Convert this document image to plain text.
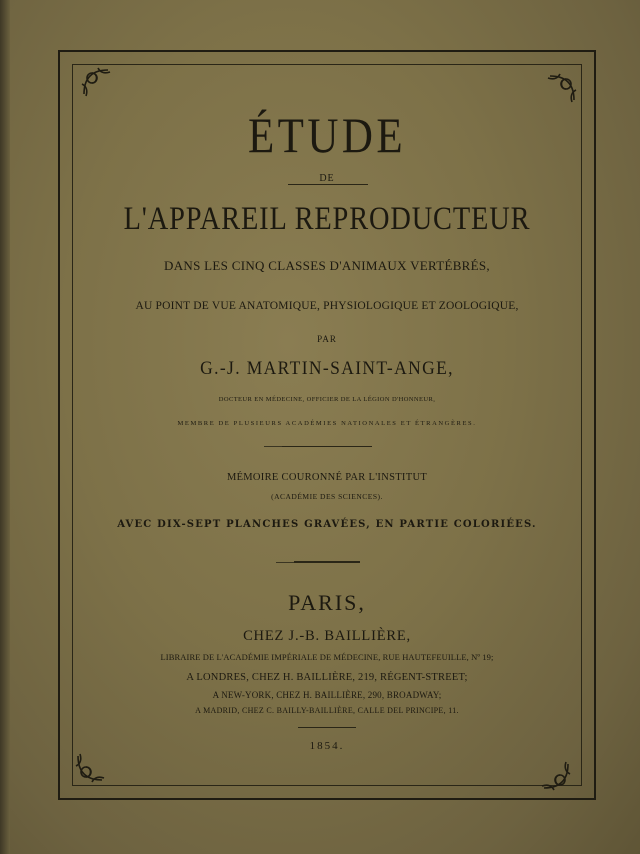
ÉTUDE
DE
L'APPAREIL REPRODUCTEUR
DANS LES CINQ CLASSES D'ANIMAUX VERTÉBRÉS,
AU POINT DE VUE ANATOMIQUE, PHYSIOLOGIQUE ET ZOOLOGIQUE,
PAR
G.-J. MARTIN-SAINT-ANGE,
DOCTEUR EN MÉDECINE, OFFICIER DE LA LÉGION D'HONNEUR,
MEMBRE DE PLUSIEURS ACADÉMIES NATIONALES ET ÉTRANGÈRES.
MÉMOIRE COURONNÉ PAR L'INSTITUT
(ACADÉMIE DES SCIENCES).
AVEC DIX-SEPT PLANCHES GRAVÉES, EN PARTIE COLORIÉES.
PARIS,
CHEZ J.-B. BAILLIÈRE,
LIBRAIRE DE L'ACADÉMIE IMPÉRIALE DE MÉDECINE, RUE HAUTEFEUILLE, Nº 19;
A LONDRES, CHEZ H. BAILLIÈRE, 219, RÉGENT-STREET;
A NEW-YORK, CHEZ H. BAILLIÈRE, 290, BROADWAY;
A MADRID, CHEZ C. BAILLY-BAILLIÈRE, CALLE DEL PRINCIPE, 11.
1854.
